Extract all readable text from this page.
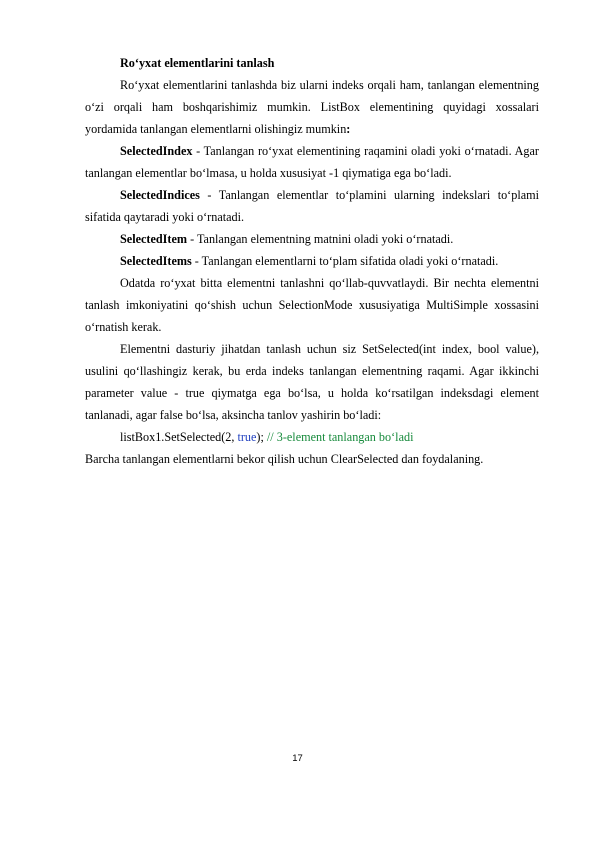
Ro‘yxat elementlarini tanlash

Ro‘yxat elementlarini tanlashda biz ularni indeks orqali ham, tanlangan elementning o‘zi orqali ham boshqarishimiz mumkin. ListBox elementining quyidagi xossalari yordamida tanlangan elementlarni olishingiz mumkin:

SelectedIndex - Tanlangan ro‘yxat elementining raqamini oladi yoki o‘rnatadi. Agar tanlangan elementlar bo‘lmasa, u holda xususiyat -1 qiymatiga ega bo‘ladi.

SelectedIndices - Tanlangan elementlar to‘plamini ularning indekslari to‘plami sifatida qaytaradi yoki o‘rnatadi.

SelectedItem - Tanlangan elementning matnini oladi yoki o‘rnatadi.

SelectedItems - Tanlangan elementlarni to‘plam sifatida oladi yoki o‘rnatadi.

Odatda ro‘yxat bitta elementni tanlashni qo‘llab-quvvatlaydi. Bir nechta elementni tanlash imkoniyatini qo‘shish uchun SelectionMode xususiyatiga MultiSimple xossasini o‘rnatish kerak.

Elementni dasturiy jihatdan tanlash uchun siz SetSelected(int index, bool value), usulini qo‘llashingiz kerak, bu erda indeks tanlangan elementning raqami. Agar ikkinchi parameter value - true qiymatga ega bo‘lsa, u holda ko‘rsatilgan indeksdagi element tanlanadi, agar false bo‘lsa, aksincha tanlov yashirin bo‘ladi:

listBox1.SetSelected(2, true); // 3-element tanlangan bo‘ladi

Barcha tanlangan elementlarni bekor qilish uchun ClearSelected dan foydalaning.

17
